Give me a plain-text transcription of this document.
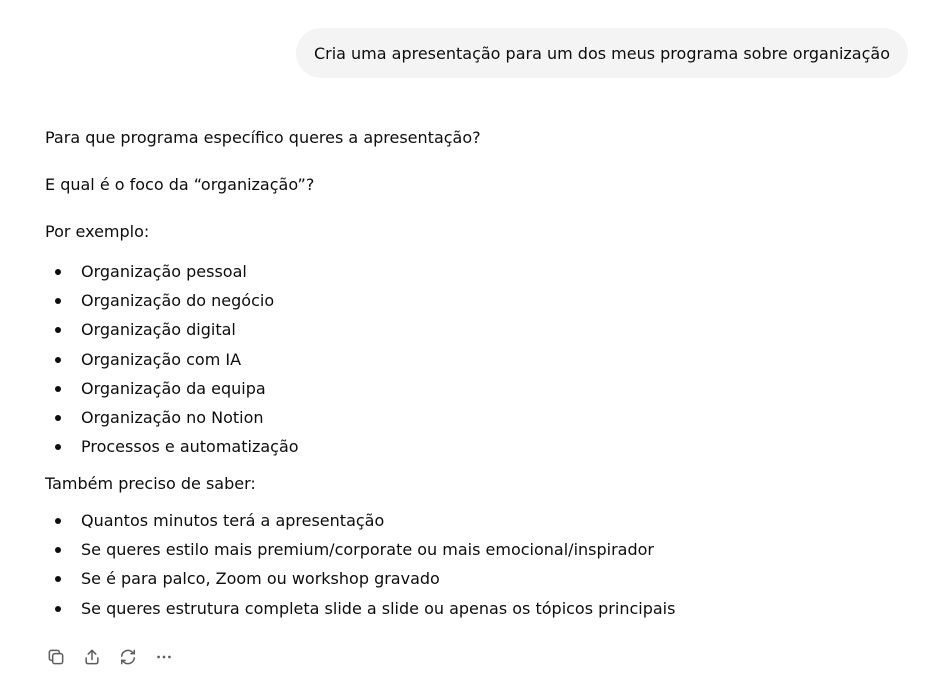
Cria uma apresentação para um dos meus programa sobre organização

Para que programa específico queres a apresentação?

E qual é o foco da “organização”?

Por exemplo:

Organização pessoal
Organização do negócio
Organização digital
Organização com IA
Organização da equipa
Organização no Notion
Processos e automatização

Também preciso de saber:

Quantos minutos terá a apresentação
Se queres estilo mais premium/corporate ou mais emocional/inspirador
Se é para palco, Zoom ou workshop gravado
Se queres estrutura completa slide a slide ou apenas os tópicos principais
